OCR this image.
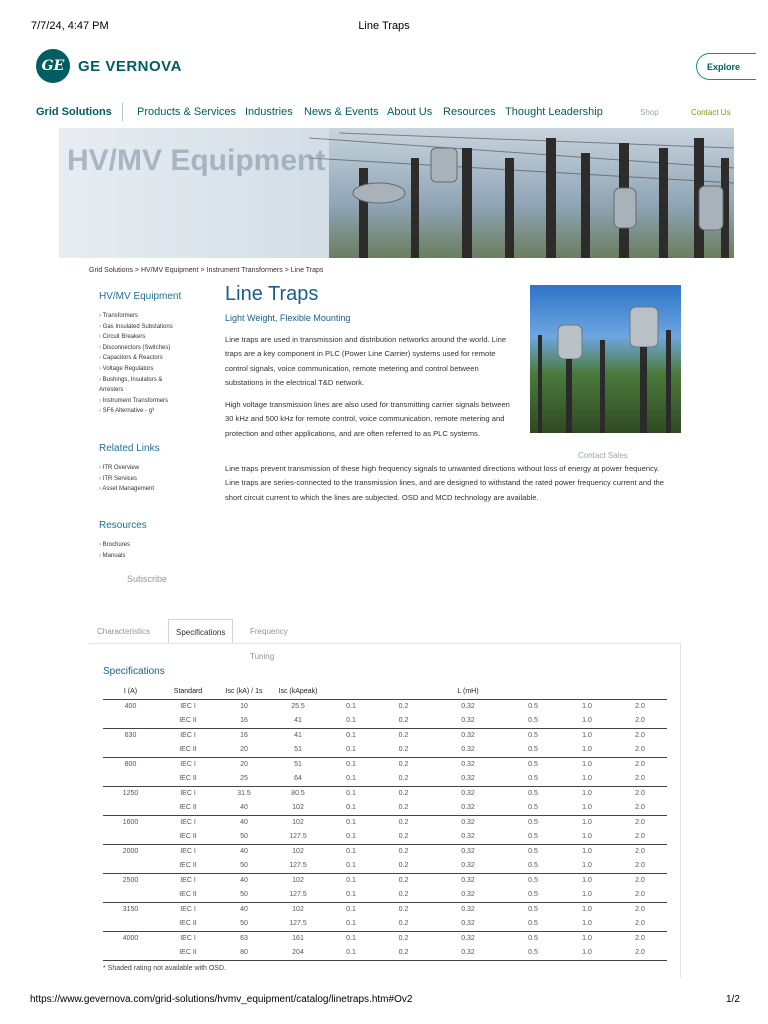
7/7/24, 4:47 PM	Line Traps
GE GE VERNOVA	Explore
Grid Solutions Products & Services Industries News & Events About Us Resources Thought Leadership	Shop	Contact Us
HV/MV Equipment
Grid Solutions > HV/MV Equipment > Instrument Transformers > Line Traps
HV/MV Equipment
› Transformers
› Gas Insulated Substations
› Circuit Breakers
› Disconnectors (Switches)
› Capacitors & Reactors
› Voltage Regulators
› Bushings, Insulators & Arresters
› Instrument Transformers
› SF6 Alternative - g³
Related Links
› ITR Overview
› ITR Services
› Asset Management
Resources
› Brochures
› Manuals
Subscribe
Line Traps
Light Weight, Flexible Mounting

Line traps are used in transmission and distribution networks around the world. Line traps are a key component in PLC (Power Line Carrier) systems used for remote control signals, voice communication, remote metering and control between substations in the electrical T&D network.

High voltage transmission lines are also used for transmitting carrier signals between 30 kHz and 500 kHz for remote control, voice communication, remote metering and protection and other applications, and are often referred to as PLC systems.

Line traps prevent transmission of these high frequency signals to unwanted directions without loss of energy at power frequency. Line traps are series-connected to the transmission lines, and are designed to withstand the rated power frequency current and the short circuit current to which the lines are subjected. OSD and MCD technology are available.

Contact Sales
Characteristics	Specifications	Frequency Tuning
Specifications
I (A)	Standard	Isc (kA) / 1s	Isc (kApeak)			L (mH)			
400	IEC I	10	25.5	0.1	0.2	0.32	0.5	1.0	2.0
	IEC II	16	41	0.1	0.2	0.32	0.5	1.0	2.0
630	IEC I	16	41	0.1	0.2	0.32	0.5	1.0	2.0
	IEC II	20	51	0.1	0.2	0.32	0.5	1.0	2.0
800	IEC I	20	51	0.1	0.2	0.32	0.5	1.0	2.0
	IEC II	25	64	0.1	0.2	0.32	0.5	1.0	2.0
1250	IEC I	31.5	80.5	0.1	0.2	0.32	0.5	1.0	2.0
	IEC II	40	102	0.1	0.2	0.32	0.5	1.0	2.0
1600	IEC I	40	102	0.1	0.2	0.32	0.5	1.0	2.0
	IEC II	50	127.5	0.1	0.2	0.32	0.5	1.0	2.0
2000	IEC I	40	102	0.1	0.2	0.32	0.5	1.0	2.0
	IEC II	50	127.5	0.1	0.2	0.32	0.5	1.0	2.0
2500	IEC I	40	102	0.1	0.2	0.32	0.5	1.0	2.0
	IEC II	50	127.5	0.1	0.2	0.32	0.5	1.0	2.0
3150	IEC I	40	102	0.1	0.2	0.32	0.5	1.0	2.0
	IEC II	50	127.5	0.1	0.2	0.32	0.5	1.0	2.0
4000	IEC I	63	161	0.1	0.2	0.32	0.5	1.0	2.0
	IEC II	80	204	0.1	0.2	0.32	0.5	1.0	2.0
* Shaded rating not available with OSD.
https://www.gevernova.com/grid-solutions/hvmv_equipment/catalog/linetraps.htm#Ov2	1/2
